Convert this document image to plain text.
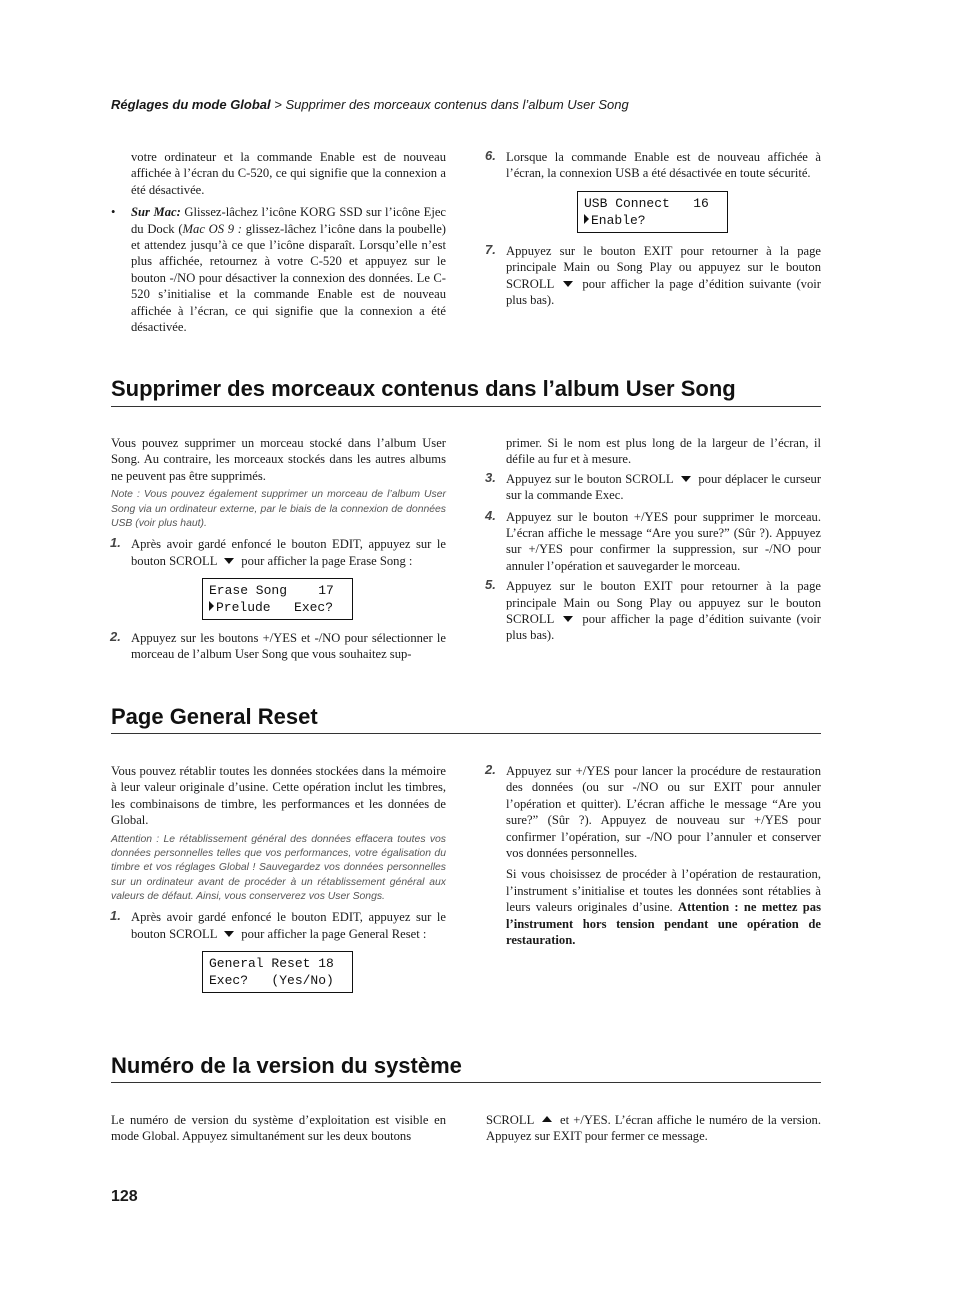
Réglages du mode Global > Supprimer des morceaux contenus dans l’album User Song

votre ordinateur et la commande Enable est de nouveau affichée à l’écran du C-520, ce qui signifie que la connexion a été désactivée.

• Sur Mac: Glissez-lâchez l’icône KORG SSD sur l’icône Ejec du Dock (Mac OS 9 : glissez-lâchez l’icône dans la poubelle) et attendez jusqu’à ce que l’icône disparaît. Lorsqu’elle n’est plus affichée, retournez à votre C-520 et appuyez sur le bouton -/NO pour désactiver la connexion des données. Le C-520 s’initialise et la commande Enable est de nouveau affichée à l’écran, ce qui signifie que la connexion a été désactivée.

6. Lorsque la commande Enable est de nouveau affichée à l’écran, la connexion USB a été désactivée en toute sécurité.

USB Connect   16
Enable?
7. Appuyez sur le bouton EXIT pour retourner à la page principale Main ou Song Play ou appuyez sur le bouton SCROLL pour afficher la page d’édition suivante (voir plus bas).

Supprimer des morceaux contenus dans l’album User Song

Vous pouvez supprimer un morceau stocké dans l’album User Song. Au contraire, les morceaux stockés dans les autres albums ne peuvent pas être supprimés.

Note : Vous pouvez également supprimer un morceau de l’album User Song via un ordinateur externe, par le biais de la connexion de données USB (voir plus haut).

1. Après avoir gardé enfoncé le bouton EDIT, appuyez sur le bouton SCROLL pour afficher la page Erase Song :

Erase Song    17
Prelude   Exec?
2. Appuyez sur les boutons +/YES et -/NO pour sélectionner le morceau de l’album User Song que vous souhaitez sup-

primer. Si le nom est plus long de la largeur de l’écran, il défile au fur et à mesure.

3. Appuyez sur le bouton SCROLL pour déplacer le curseur sur la commande Exec.

4. Appuyez sur le bouton +/YES pour supprimer le morceau. L’écran affiche le message “Are you sure?” (Sûr ?). Appuyez sur +/YES pour confirmer la suppression, sur -/NO pour annuler l’opération et sauvegarder le morceau.

5. Appuyez sur le bouton EXIT pour retourner à la page principale Main ou Song Play ou appuyez sur le bouton SCROLL pour afficher la page d’édition suivante (voir plus bas).

Page General Reset

Vous pouvez rétablir toutes les données stockées dans la mémoire à leur valeur originale d’usine. Cette opération inclut les timbres, les combinaisons de timbre, les performances et les données de Global.

Attention : Le rétablissement général des données effacera toutes vos données personnelles telles que vos performances, votre égalisation du timbre et vos réglages Global ! Sauvegardez vos données personnelles sur un ordinateur avant de procéder à un rétablissement général aux valeurs de défaut. Ainsi, vous conserverez vos User Songs.

1. Après avoir gardé enfoncé le bouton EDIT, appuyez sur le bouton SCROLL pour afficher la page General Reset :

General Reset 18
Exec?   (Yes/No)
2. Appuyez sur +/YES pour lancer la procédure de restauration des données (ou sur -/NO ou sur EXIT pour annuler l’opération et quitter). L’écran affiche le message “Are you sure?” (Sûr ?). Appuyez de nouveau sur +/YES pour confirmer l’opération, sur -/NO pour l’annuler et conserver vos données personnelles.

Si vous choisissez de procéder à l’opération de restauration, l’instrument s’initialise et toutes les données sont rétablies à leurs valeurs originales d’usine. Attention : ne mettez pas l’instrument hors tension pendant une opération de restauration.

Numéro de la version du système

Le numéro de version du système d’exploitation est visible en mode Global. Appuyez simultanément sur les deux boutons

SCROLL et +/YES. L’écran affiche le numéro de la version. Appuyez sur EXIT pour fermer ce message.

128
